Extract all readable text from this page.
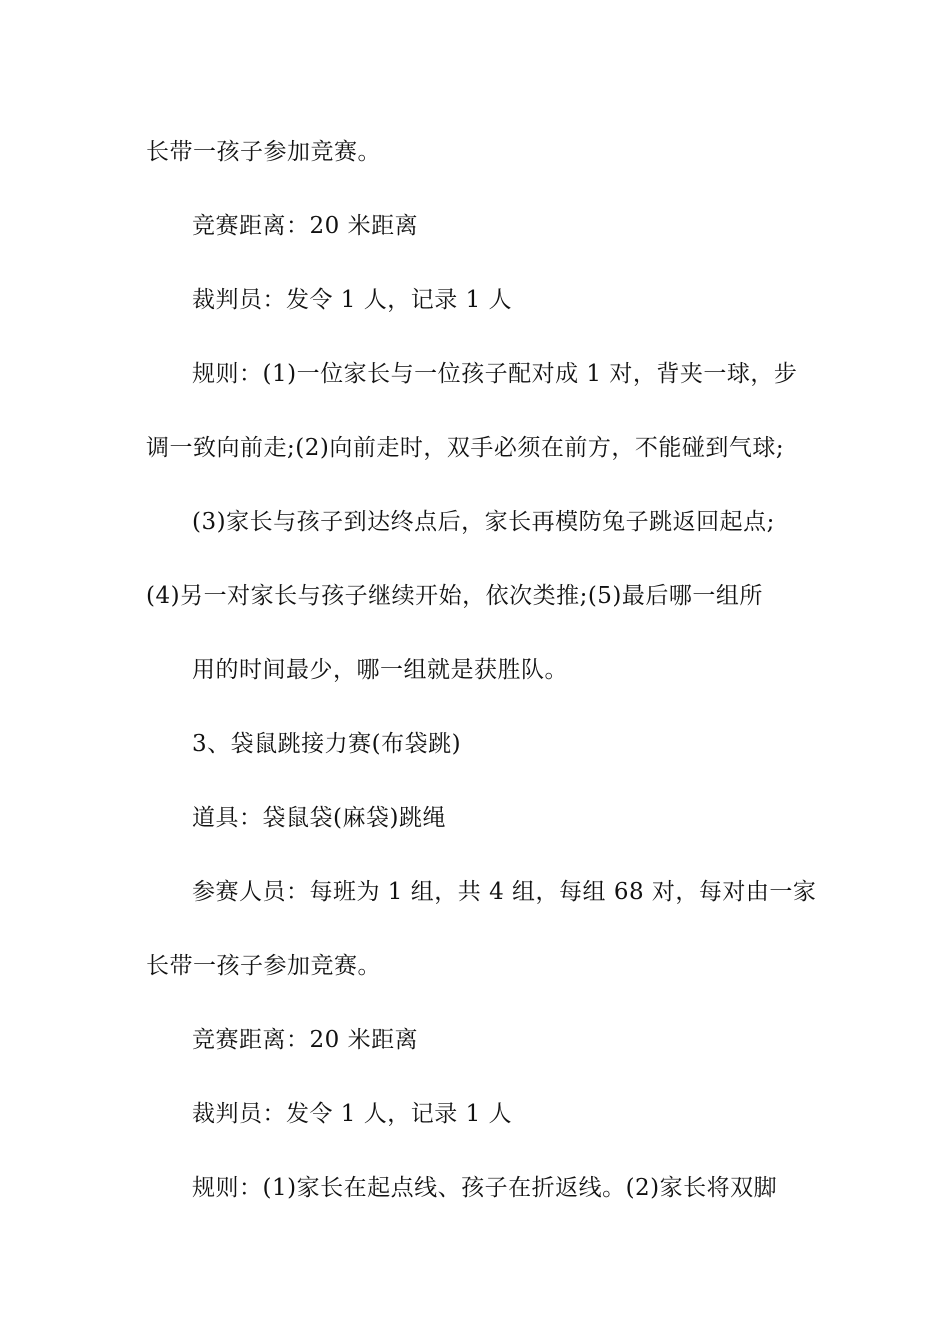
长带一孩子参加竞赛。
竞赛距离：20 米距离
裁判员：发令 1 人，记录 1 人
规则：(1)一位家长与一位孩子配对成 1 对，背夹一球，步
调一致向前走;(2)向前走时，双手必须在前方，不能碰到气球;
(3)家长与孩子到达终点后，家长再模防兔子跳返回起点;
(4)另一对家长与孩子继续开始，依次类推;(5)最后哪一组所
用的时间最少，哪一组就是获胜队。
3、袋鼠跳接力赛(布袋跳)
道具：袋鼠袋(麻袋)跳绳
参赛人员：每班为 1 组，共 4 组，每组 68 对，每对由一家
长带一孩子参加竞赛。
竞赛距离：20 米距离
裁判员：发令 1 人，记录 1 人
规则：(1)家长在起点线、孩子在折返线。(2)家长将双脚
